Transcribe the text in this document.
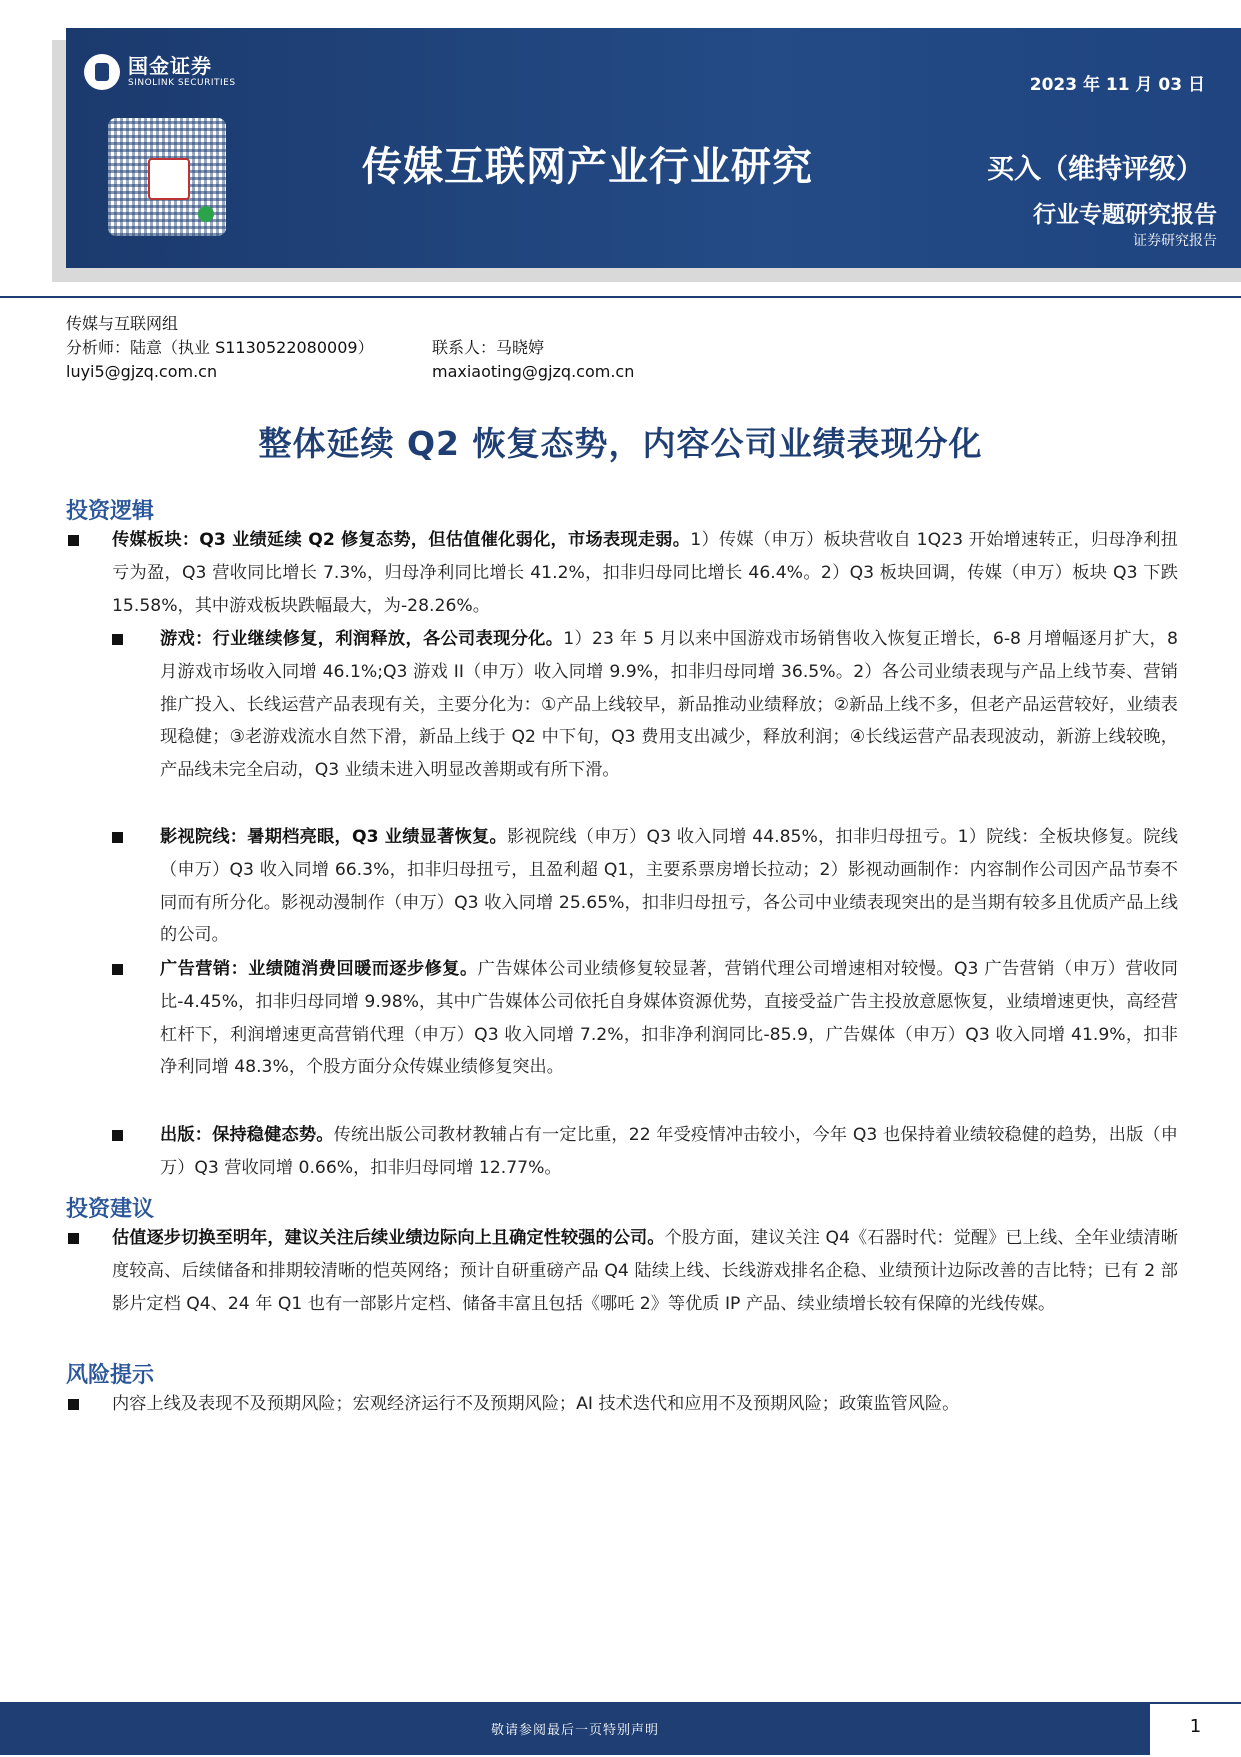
国金证券
SINOLINK SECURITIES	2023 年 11 月 03 日
传媒互联网产业行业研究	买入（维持评级）
行业专题研究报告
证券研究报告
传媒与互联网组
分析师：陆意（执业 S1130522080009）
luyi5@gjzq.com.cn
联系人：马晓婷
maxiaoting@gjzq.com.cn
整体延续 Q2 恢复态势，内容公司业绩表现分化
投资逻辑
传媒板块：Q3 业绩延续 Q2 修复态势，但估值催化弱化，市场表现走弱。1）传媒（申万）板块营收自 1Q23 开始增速转正，归母净利扭亏为盈，Q3 营收同比增长 7.3%，归母净利同比增长 41.2%，扣非归母同比增长 46.4%。2）Q3 板块回调，传媒（申万）板块 Q3 下跌 15.58%，其中游戏板块跌幅最大，为-28.26%。
游戏：行业继续修复，利润释放，各公司表现分化。1）23 年 5 月以来中国游戏市场销售收入恢复正增长，6-8 月增幅逐月扩大，8 月游戏市场收入同增 46.1%;Q3 游戏 II（申万）收入同增 9.9%，扣非归母同增 36.5%。2）各公司业绩表现与产品上线节奏、营销推广投入、长线运营产品表现有关，主要分化为：①产品上线较早，新品推动业绩释放；②新品上线不多，但老产品运营较好，业绩表现稳健；③老游戏流水自然下滑，新品上线于 Q2 中下旬，Q3 费用支出减少，释放利润；④长线运营产品表现波动，新游上线较晚，产品线未完全启动，Q3 业绩未进入明显改善期或有所下滑。
影视院线：暑期档亮眼，Q3 业绩显著恢复。影视院线（申万）Q3 收入同增 44.85%，扣非归母扭亏。1）院线：全板块修复。院线（申万）Q3 收入同增 66.3%，扣非归母扭亏，且盈利超 Q1，主要系票房增长拉动；2）影视动画制作：内容制作公司因产品节奏不同而有所分化。影视动漫制作（申万）Q3 收入同增 25.65%，扣非归母扭亏，各公司中业绩表现突出的是当期有较多且优质产品上线的公司。
广告营销：业绩随消费回暖而逐步修复。广告媒体公司业绩修复较显著，营销代理公司增速相对较慢。Q3 广告营销（申万）营收同比-4.45%，扣非归母同增 9.98%，其中广告媒体公司依托自身媒体资源优势，直接受益广告主投放意愿恢复，业绩增速更快，高经营杠杆下，利润增速更高营销代理（申万）Q3 收入同增 7.2%，扣非净利润同比-85.9，广告媒体（申万）Q3 收入同增 41.9%，扣非净利同增 48.3%，个股方面分众传媒业绩修复突出。
出版：保持稳健态势。传统出版公司教材教辅占有一定比重，22 年受疫情冲击较小，今年 Q3 也保持着业绩较稳健的趋势，出版（申万）Q3 营收同增 0.66%，扣非归母同增 12.77%。
投资建议
估值逐步切换至明年，建议关注后续业绩边际向上且确定性较强的公司。个股方面，建议关注 Q4《石器时代：觉醒》已上线、全年业绩清晰度较高、后续储备和排期较清晰的恺英网络；预计自研重磅产品 Q4 陆续上线、长线游戏排名企稳、业绩预计边际改善的吉比特；已有 2 部影片定档 Q4、24 年 Q1 也有一部影片定档、储备丰富且包括《哪吒 2》等优质 IP 产品、续业绩增长较有保障的光线传媒。
风险提示
内容上线及表现不及预期风险；宏观经济运行不及预期风险；AI 技术迭代和应用不及预期风险；政策监管风险。
敬请参阅最后一页特别声明	1
